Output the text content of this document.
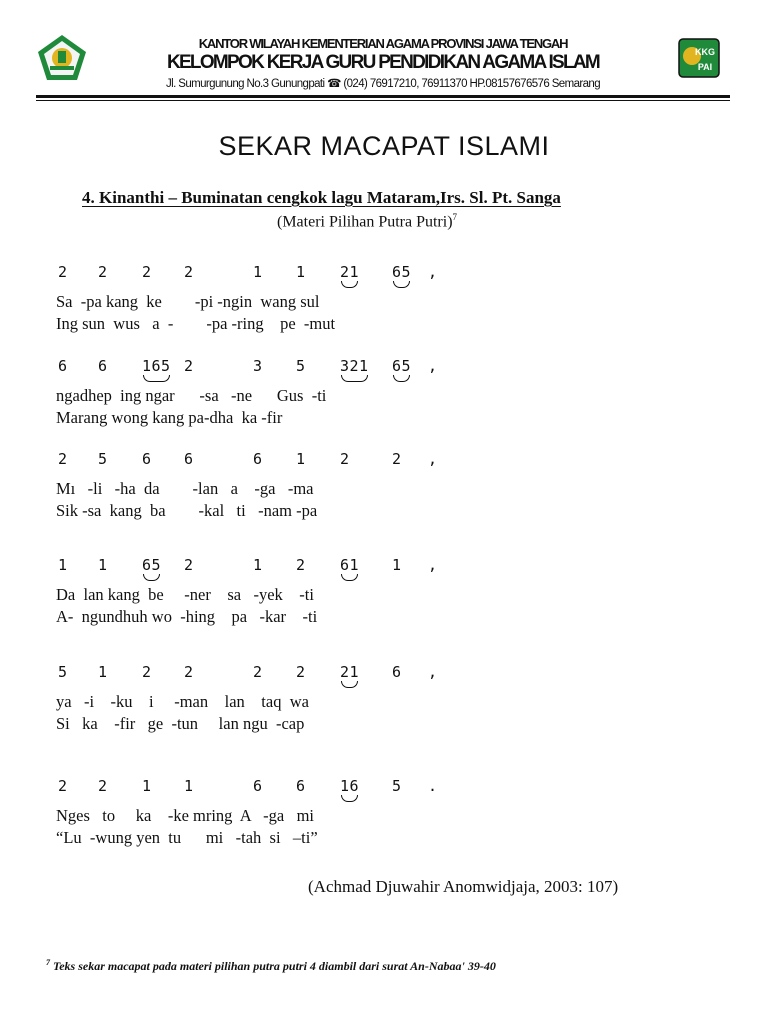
KANTOR WILAYAH KEMENTERIAN AGAMA PROVINSI JAWA TENGAH
KELOMPOK KERJA GURU PENDIDIKAN AGAMA ISLAM
Jl. Sumurgunung No.3 Gunungpati ☎ (024) 76917210, 76911370 HP.08157676576 Semarang
KKG
PAI
SEKAR MACAPAT ISLAMI
4. Kinanthi – Buminatan cengkok lagu Mataram,Irs. Sl. Pt. Sanga
(Materi Pilihan Putra Putri)$^7$
2 2 2 2	1 1 21 65 ,
Sa  -pa kang  ke        -pi -ngin  wang sul
Ing sun  wus   a  -        -pa -ring    pe  -mut
6 6 165 2	3 5 321 65 ,
ngadhep  ing ngar      -sa   -ne      Gus  -ti
Marang wong kang pa-dha  ka -fir
2 5 6 6	6 1 2	2 ,
Mı   -li   -ha  da        -lan   a    -ga   -ma
Sik -sa  kang  ba        -kal   ti   -nam -pa
1 1 65 2	1 2 61 1 ,
Da  lan kang  be     -ner    sa   -yek    -ti
A-  ngundhuh wo  -hing    pa   -kar    -ti
5 1 2 2	2 2 21 6 ,
ya   -i    -ku    i     -man    lan    taq  wa
Si   ka    -fir   ge  -tun     lan ngu  -cap
2 2 1 1	6 6 16 5 .
Nges   to     ka    -ke mring  A   -ga   mi
“Lu  -wung yen  tu      mi   -tah  si   –ti”
(Achmad Djuwahir Anomwidjaja, 2003: 107)
$^7$ Teks sekar macapat pada materi pilihan putra putri 4 diambil dari surat An-Nabaa' 39-40
